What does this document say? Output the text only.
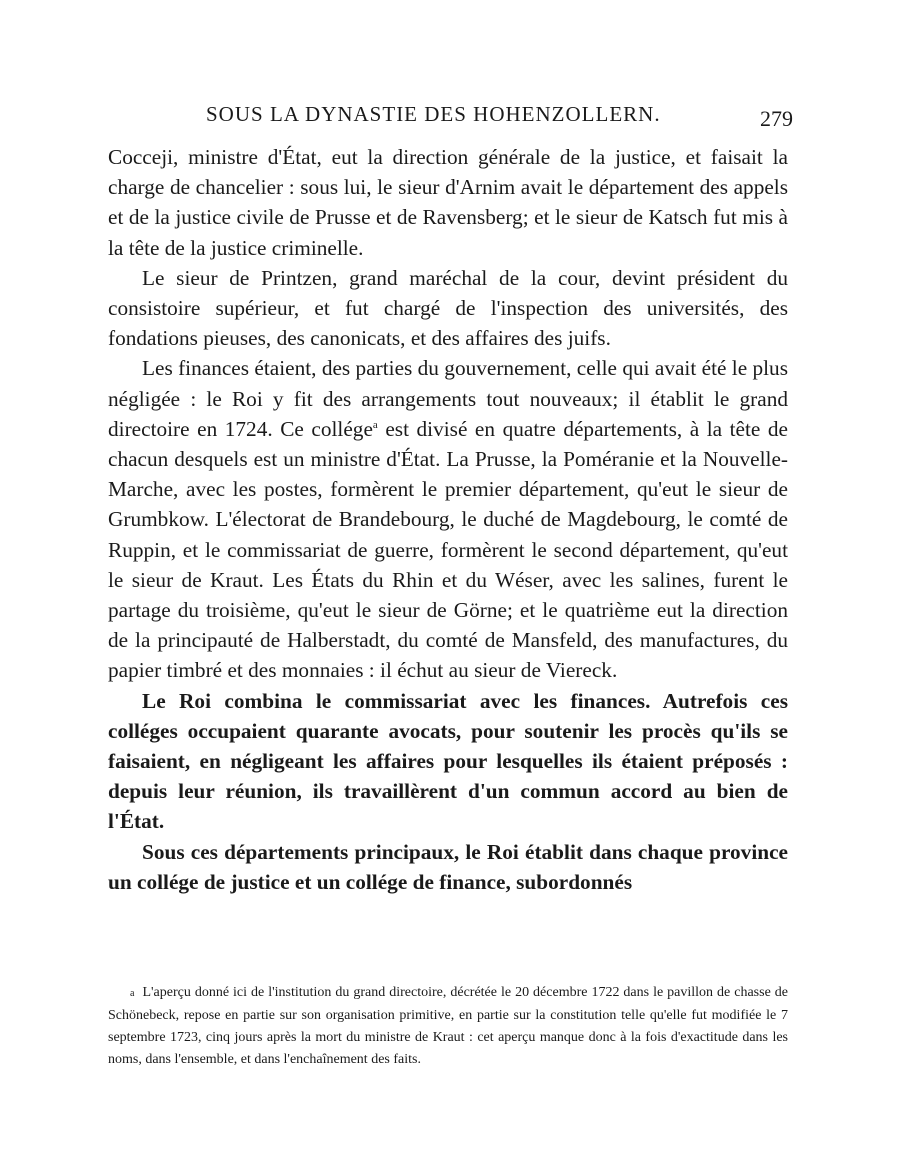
SOUS LA DYNASTIE DES HOHENZOLLERN.	279

Cocceji, ministre d'État, eut la direction générale de la justice, et faisait la charge de chancelier : sous lui, le sieur d'Arnim avait le département des appels et de la justice civile de Prusse et de Ravensberg; et le sieur de Katsch fut mis à la tête de la justice criminelle.

Le sieur de Printzen, grand maréchal de la cour, devint président du consistoire supérieur, et fut chargé de l'inspection des universités, des fondations pieuses, des canonicats, et des affaires des juifs.

Les finances étaient, des parties du gouvernement, celle qui avait été le plus négligée : le Roi y fit des arrangements tout nouveaux; il établit le grand directoire en 1724. Ce collége$^a$ est divisé en quatre départements, à la tête de chacun desquels est un ministre d'État. La Prusse, la Poméranie et la Nouvelle-Marche, avec les postes, formèrent le premier département, qu'eut le sieur de Grumbkow. L'électorat de Brandebourg, le duché de Magdebourg, le comté de Ruppin, et le commissariat de guerre, formèrent le second département, qu'eut le sieur de Kraut. Les États du Rhin et du Wéser, avec les salines, furent le partage du troisième, qu'eut le sieur de Görne; et le quatrième eut la direction de la principauté de Halberstadt, du comté de Mansfeld, des manufactures, du papier timbré et des monnaies : il échut au sieur de Viereck.

Le Roi combina le commissariat avec les finances. Autrefois ces colléges occupaient quarante avocats, pour soutenir les procès qu'ils se faisaient, en négligeant les affaires pour lesquelles ils étaient préposés : depuis leur réunion, ils travaillèrent d'un commun accord au bien de l'État.

Sous ces départements principaux, le Roi établit dans chaque province un collége de justice et un collége de finance, subordonnés

a L'aperçu donné ici de l'institution du grand directoire, décrétée le 20 décembre 1722 dans le pavillon de chasse de Schönebeck, repose en partie sur son organisation primitive, en partie sur la constitution telle qu'elle fut modifiée le 7 septembre 1723, cinq jours après la mort du ministre de Kraut : cet aperçu manque donc à la fois d'exactitude dans les noms, dans l'ensemble, et dans l'enchaînement des faits.
